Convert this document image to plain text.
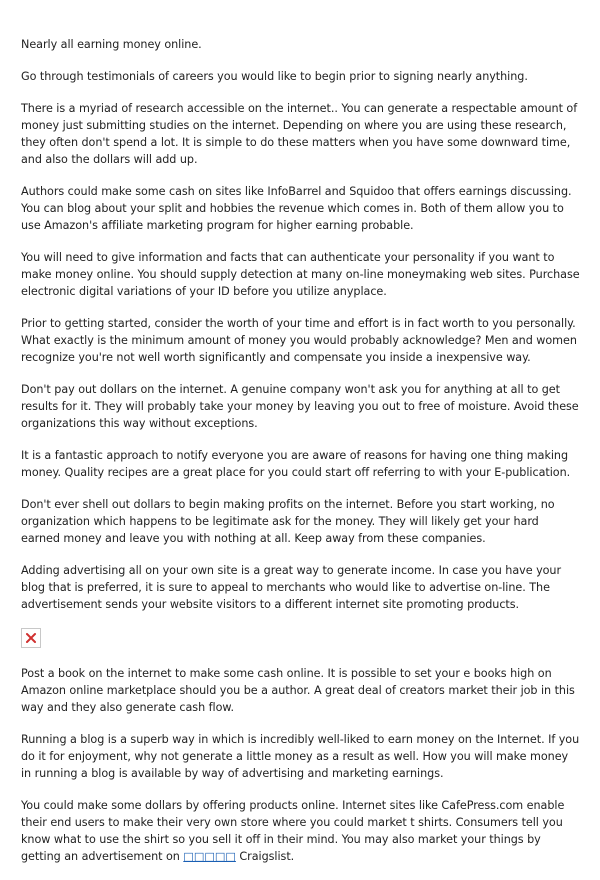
Nearly all earning money online.

Go through testimonials of careers you would like to begin prior to signing nearly anything.

There is a myriad of research accessible on the internet.. You can generate a respectable amount of money just submitting studies on the internet. Depending on where you are using these research, they often don't spend a lot. It is simple to do these matters when you have some downward time, and also the dollars will add up.

Authors could make some cash on sites like InfoBarrel and Squidoo that offers earnings discussing. You can blog about your split and hobbies the revenue which comes in. Both of them allow you to use Amazon's affiliate marketing program for higher earning probable.

You will need to give information and facts that can authenticate your personality if you want to make money online. You should supply detection at many on-line moneymaking web sites. Purchase electronic digital variations of your ID before you utilize anyplace.

Prior to getting started, consider the worth of your time and effort is in fact worth to you personally. What exactly is the minimum amount of money you would probably acknowledge? Men and women recognize you're not well worth significantly and compensate you inside a inexpensive way.

Don't pay out dollars on the internet. A genuine company won't ask you for anything at all to get results for it. They will probably take your money by leaving you out to free of moisture. Avoid these organizations this way without exceptions.

It is a fantastic approach to notify everyone you are aware of reasons for having one thing making money. Quality recipes are a great place for you could start off referring to with your E-publication.

Don't ever shell out dollars to begin making profits on the internet. Before you start working, no organization which happens to be legitimate ask for the money. They will likely get your hard earned money and leave you with nothing at all. Keep away from these companies.

Adding advertising all on your own site is a great way to generate income. In case you have your blog that is preferred, it is sure to appeal to merchants who would like to advertise on-line. The advertisement sends your website visitors to a different internet site promoting products.

Post a book on the internet to make some cash online. It is possible to set your e books high on Amazon online marketplace should you be a author. A great deal of creators market their job in this way and they also generate cash flow.

Running a blog is a superb way in which is incredibly well-liked to earn money on the Internet. If you do it for enjoyment, why not generate a little money as a result as well. How you will make money in running a blog is available by way of advertising and marketing earnings.

You could make some dollars by offering products online. Internet sites like CafePress.com enable their end users to make their very own store where you could market t shirts. Consumers tell you know what to use the shirt so you sell it off in their mind. You may also market your things by getting an advertisement on □□□□□ Craigslist.
